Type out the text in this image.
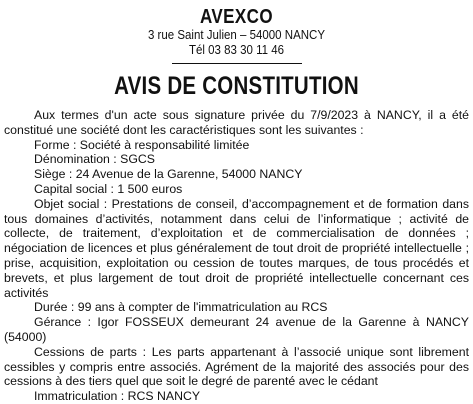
AVEXCO
3 rue Saint Julien – 54000 NANCY
Tél 03 83 30 11 46
AVIS DE CONSTITUTION

Aux termes d'un acte sous signature privée du 7/9/2023 à NANCY, il a été constitué une société dont les caractéristiques sont les suivantes :

Forme : Société à responsabilité limitée

Dénomination : SGCS

Siège : 24 Avenue de la Garenne, 54000 NANCY

Capital social : 1 500 euros

Objet social : Prestations de conseil, d’accompagnement et de formation dans tous domaines d’activités, notamment dans celui de l’informatique ; activité de collecte, de traitement, d’exploitation et de commercialisation de données ; négociation de licences et plus généralement de tout droit de propriété intellectuelle ; prise, acquisition, exploitation ou cession de toutes marques, de tous procédés et brevets, et plus largement de tout droit de propriété intellectuelle concernant ces activités

Durée : 99 ans à compter de l'immatriculation au RCS

Gérance : Igor FOSSEUX demeurant 24 avenue de la Garenne à NANCY (54000)

Cessions de parts : Les parts appartenant à l’associé unique sont librement cessibles y compris entre associés. Agrément de la majorité des associés pour des cessions à des tiers quel que soit le degré de parenté avec le cédant

Immatriculation : RCS NANCY
